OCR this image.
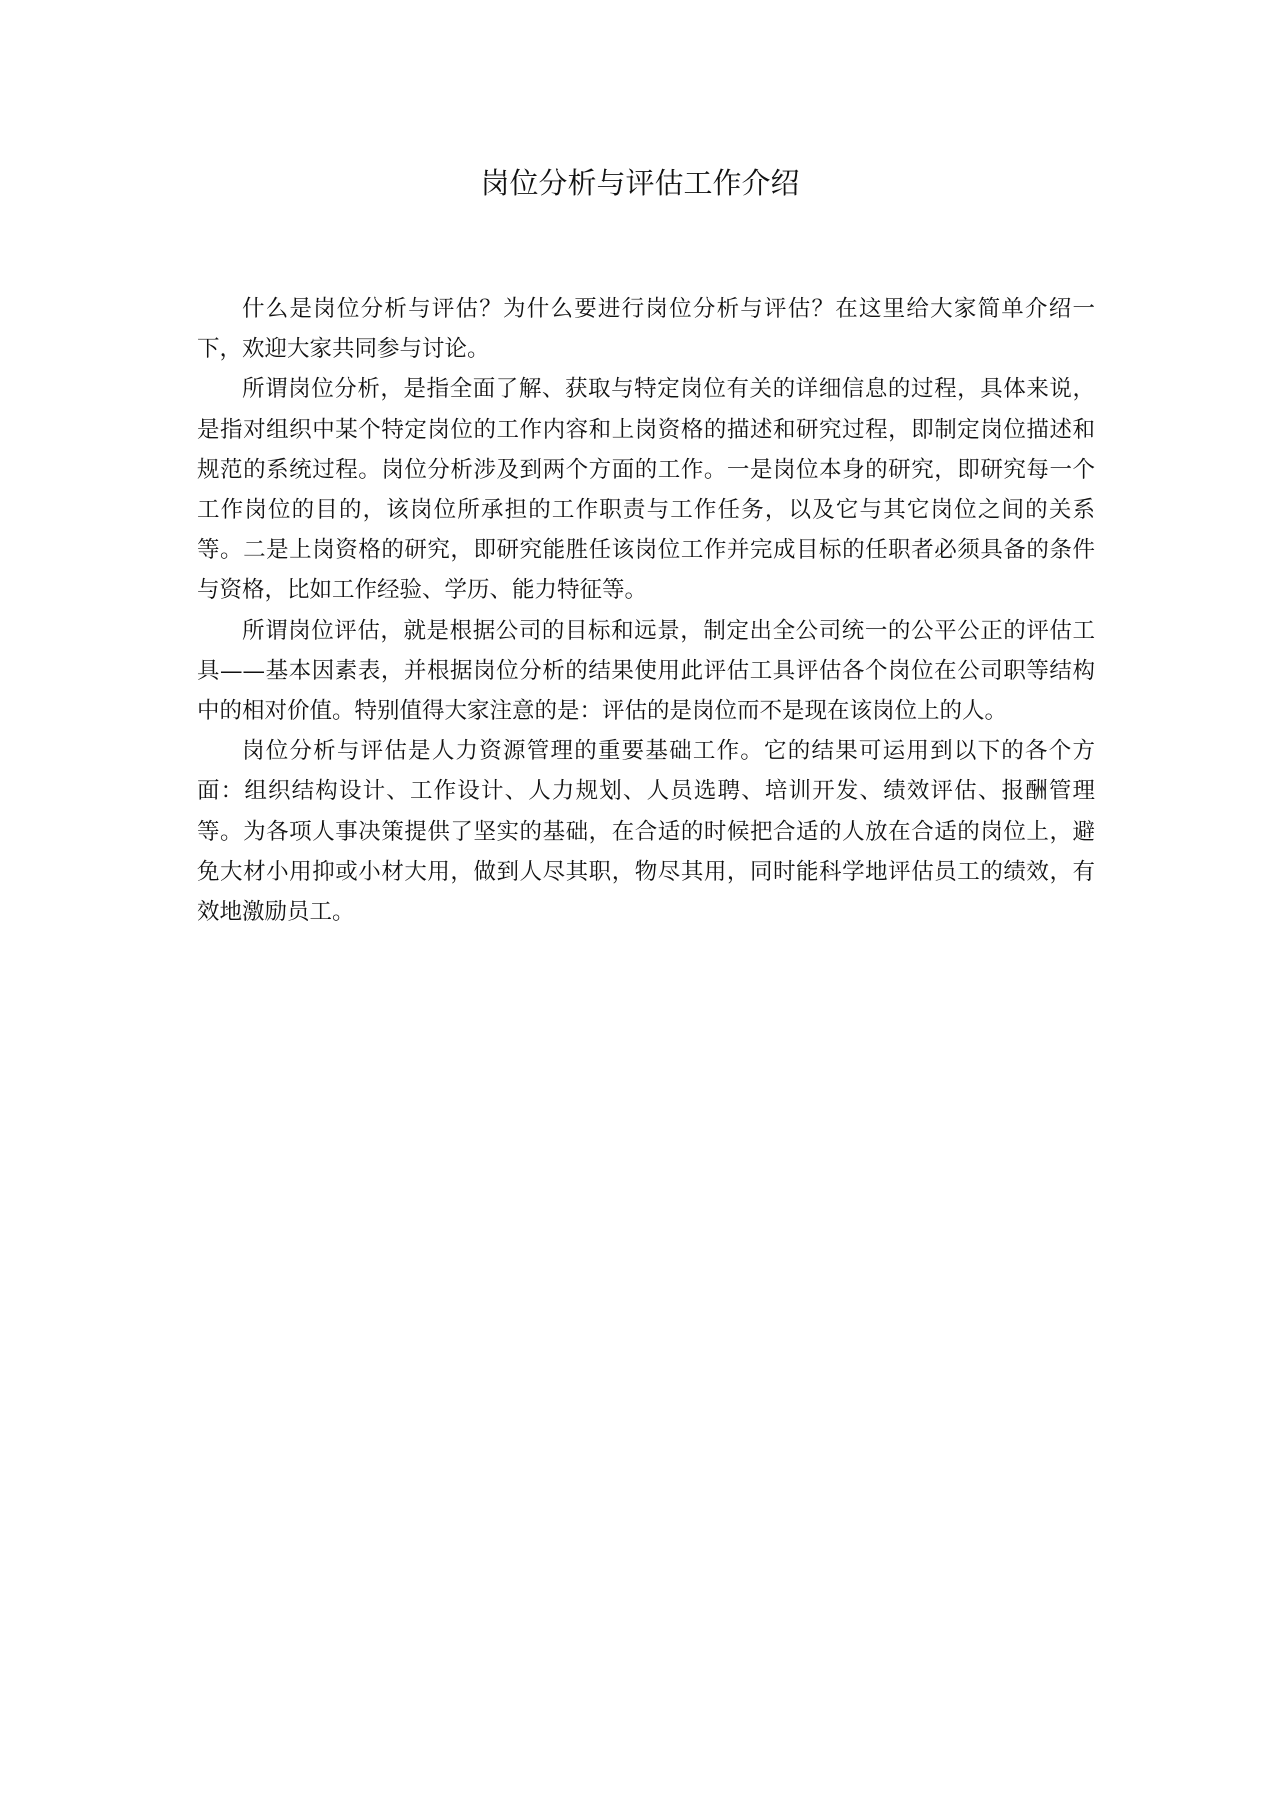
岗位分析与评估工作介绍

什么是岗位分析与评估？为什么要进行岗位分析与评估？在这里给大家简单介绍一下，欢迎大家共同参与讨论。

所谓岗位分析，是指全面了解、获取与特定岗位有关的详细信息的过程，具体来说，是指对组织中某个特定岗位的工作内容和上岗资格的描述和研究过程，即制定岗位描述和规范的系统过程。岗位分析涉及到两个方面的工作。一是岗位本身的研究，即研究每一个工作岗位的目的，该岗位所承担的工作职责与工作任务，以及它与其它岗位之间的关系等。二是上岗资格的研究，即研究能胜任该岗位工作并完成目标的任职者必须具备的条件与资格，比如工作经验、学历、能力特征等。

所谓岗位评估，就是根据公司的目标和远景，制定出全公司统一的公平公正的评估工具——基本因素表，并根据岗位分析的结果使用此评估工具评估各个岗位在公司职等结构中的相对价值。特别值得大家注意的是：评估的是岗位而不是现在该岗位上的人。

岗位分析与评估是人力资源管理的重要基础工作。它的结果可运用到以下的各个方面：组织结构设计、工作设计、人力规划、人员选聘、培训开发、绩效评估、报酬管理等。为各项人事决策提供了坚实的基础，在合适的时候把合适的人放在合适的岗位上，避免大材小用抑或小材大用，做到人尽其职，物尽其用，同时能科学地评估员工的绩效，有效地激励员工。
